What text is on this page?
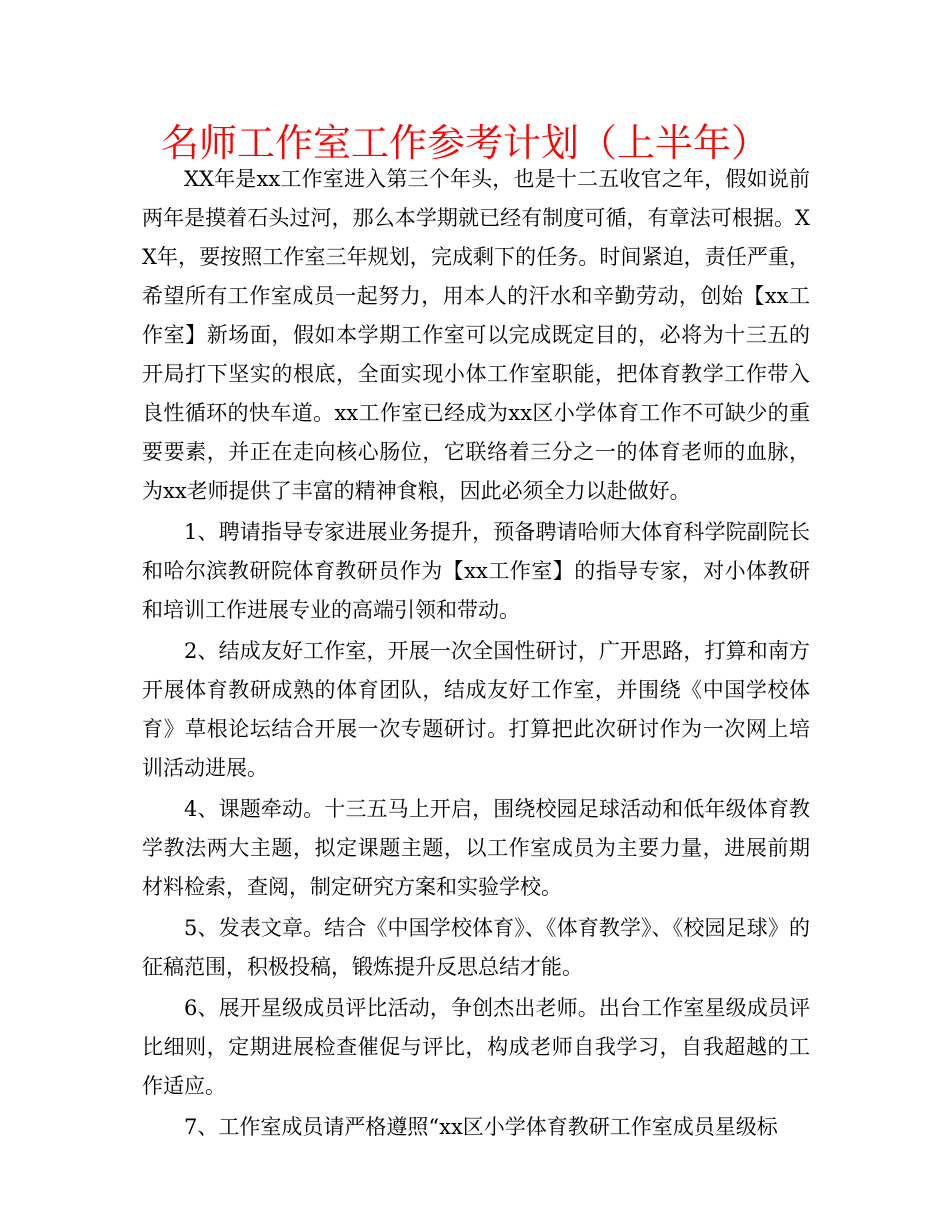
名师工作室工作参考计划（上半年）

XX年是xx工作室进入第三个年头，也是十二五收官之年，假如说前两年是摸着石头过河，那么本学期就已经有制度可循，有章法可根据。XX年，要按照工作室三年规划，完成剩下的任务。时间紧迫，责任严重，希望所有工作室成员一起努力，用本人的汗水和辛勤劳动，创始【xx工作室】新场面，假如本学期工作室可以完成既定目的，必将为十三五的开局打下坚实的根底，全面实现小体工作室职能，把体育教学工作带入良性循环的快车道。xx工作室已经成为xx区小学体育工作不可缺少的重要要素，并正在走向核心肠位，它联络着三分之一的体育老师的血脉，为xx老师提供了丰富的精神食粮，因此必须全力以赴做好。

1、聘请指导专家进展业务提升，预备聘请哈师大体育科学院副院长和哈尔滨教研院体育教研员作为【xx工作室】的指导专家，对小体教研和培训工作进展专业的高端引领和带动。

2、结成友好工作室，开展一次全国性研讨，广开思路，打算和南方开展体育教研成熟的体育团队，结成友好工作室，并围绕《中国学校体育》草根论坛结合开展一次专题研讨。打算把此次研讨作为一次网上培训活动进展。

4、课题牵动。十三五马上开启，围绕校园足球活动和低年级体育教学教法两大主题，拟定课题主题，以工作室成员为主要力量，进展前期材料检索，查阅，制定研究方案和实验学校。

5、发表文章。结合《中国学校体育》、《体育教学》、《校园足球》的征稿范围，积极投稿，锻炼提升反思总结才能。

6、展开星级成员评比活动，争创杰出老师。出台工作室星级成员评比细则，定期进展检查催促与评比，构成老师自我学习，自我超越的工作适应。

7、工作室成员请严格遵照“xx区小学体育教研工作室成员星级标
